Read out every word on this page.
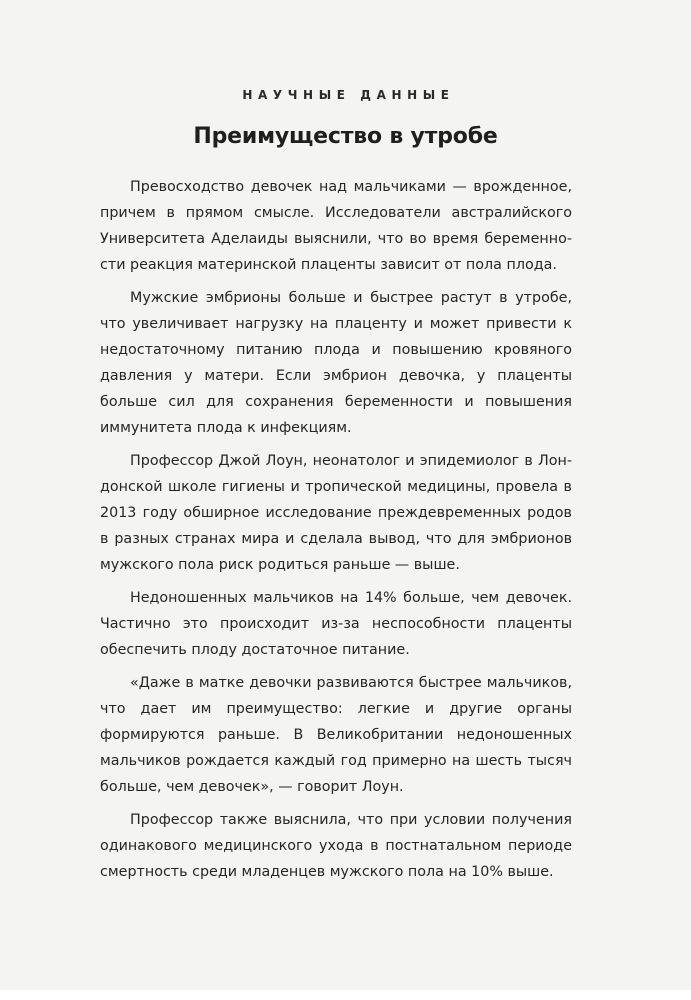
НАУЧНЫЕ ДАННЫЕ
Преимущество в утробе

Превосходство девочек над мальчиками — врожденное, причем в прямом смысле. Исследователи австралийского Университета Аделаиды выяснили, что во время беременности реакция материнской плаценты зависит от пола плода.

Мужские эмбрионы больше и быстрее растут в утробе, что увеличивает нагрузку на плаценту и может привести к недостаточному питанию плода и повышению кровяного давления у матери. Если эмбрион девочка, у плаценты больше сил для сохранения беременности и повышения иммунитета плода к инфекциям.

Профессор Джой Лоун, неонатолог и эпидемиолог в Лондонской школе гигиены и тропической медицины, провела в 2013 году обширное исследование преждевременных родов в разных странах мира и сделала вывод, что для эмбрионов мужского пола риск родиться раньше — выше.

Недоношенных мальчиков на 14% больше, чем девочек. Частично это происходит из-за неспособности плаценты обеспечить плоду достаточное питание.

«Даже в матке девочки развиваются быстрее мальчиков, что дает им преимущество: легкие и другие органы формируются раньше. В Великобритании недоношенных мальчиков рождается каждый год примерно на шесть тысяч больше, чем девочек», — говорит Лоун.

Профессор также выяснила, что при условии получения одинакового медицинского ухода в постнатальном периоде смертность среди младенцев мужского пола на 10% выше.
